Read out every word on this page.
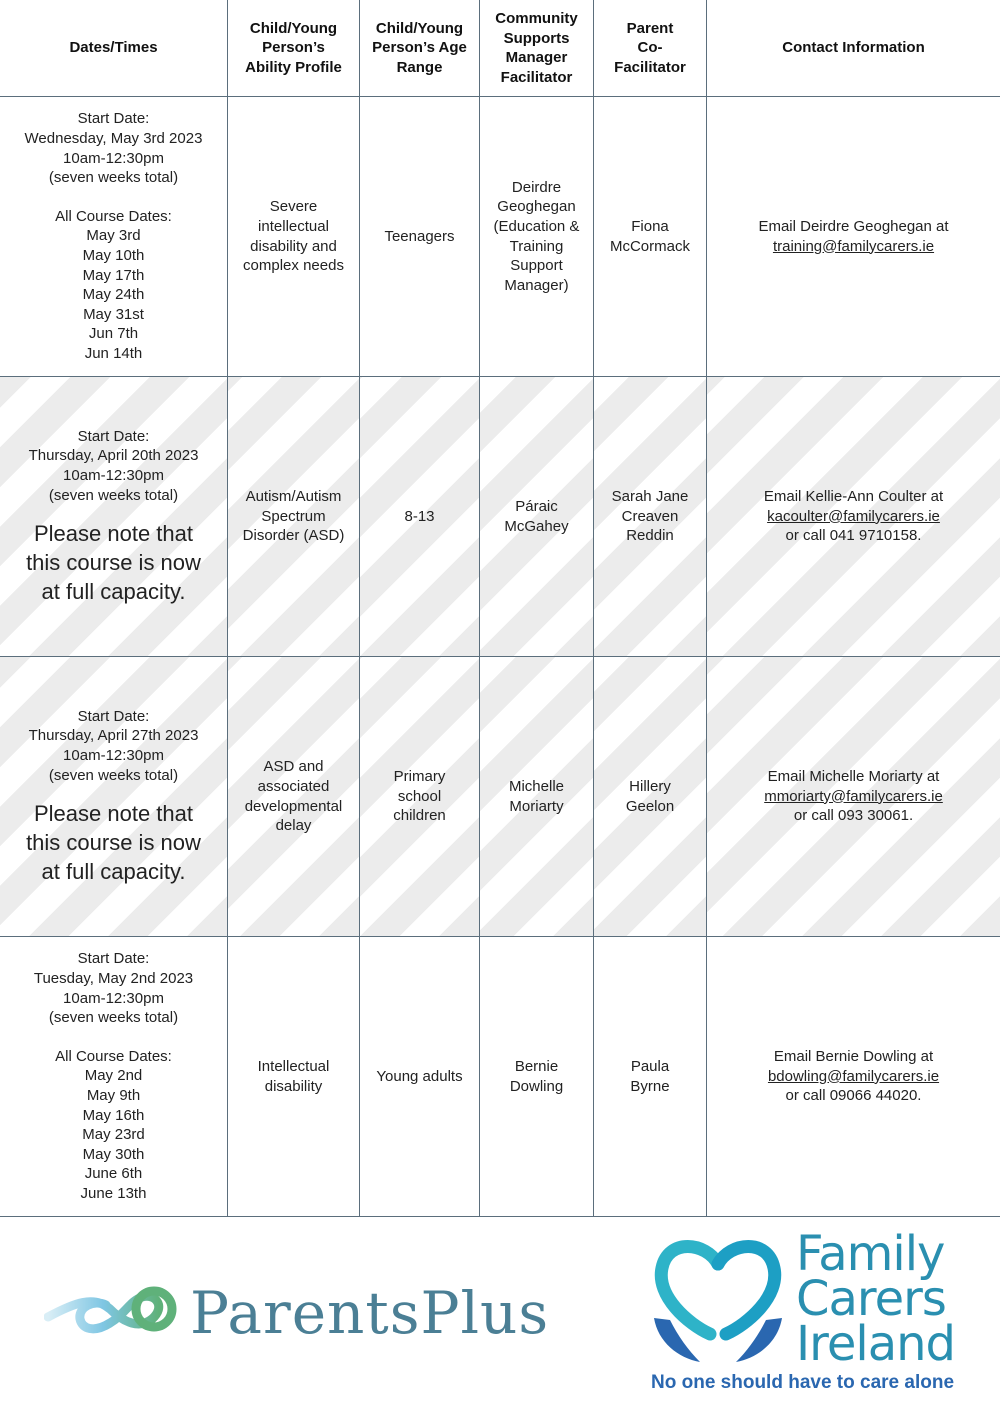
Dates/Times
Child/Young
Person’s
Ability Profile
Child/Young
Person’s Age
Range
Community
Supports
Manager
Facilitator
Parent
Co-
Facilitator
Contact Information
Start Date:
Wednesday, May 3rd 2023
10am-12:30pm
(seven weeks total)
All Course Dates:
May 3rd
May 10th
May 17th
May 24th
May 31st
Jun 7th
Jun 14th
Severe
intellectual
disability and
complex needs
Teenagers
Deirdre
Geoghegan
(Education &
Training
Support
Manager)
Fiona
McCormack
Email Deirdre Geoghegan at
training@familycarers.ie
Start Date:
Thursday, April 20th 2023
10am-12:30pm
(seven weeks total)
Please note that
this course is now
at full capacity.
Autism/Autism
Spectrum
Disorder (ASD)
8-13
Páraic
McGahey
Sarah Jane
Creaven
Reddin
Email Kellie-Ann Coulter at
kacoulter@familycarers.ie
or call 041 9710158.
Start Date:
Thursday, April 27th 2023
10am-12:30pm
(seven weeks total)
Please note that
this course is now
at full capacity.
ASD and
associated
developmental
delay
Primary
school
children
Michelle
Moriarty
Hillery
Geelon
Email Michelle Moriarty at
mmoriarty@familycarers.ie
or call 093 30061.
Start Date:
Tuesday, May 2nd 2023
10am-12:30pm
(seven weeks total)
All Course Dates:
May 2nd
May 9th
May 16th
May 23rd
May 30th
June 6th
June 13th
Intellectual
disability
Young adults
Bernie
Dowling
Paula
Byrne
Email Bernie Dowling at
bdowling@familycarers.ie
or call 09066 44020.
ParentsPlus
Family
Carers
Ireland
No one should have to care alone
